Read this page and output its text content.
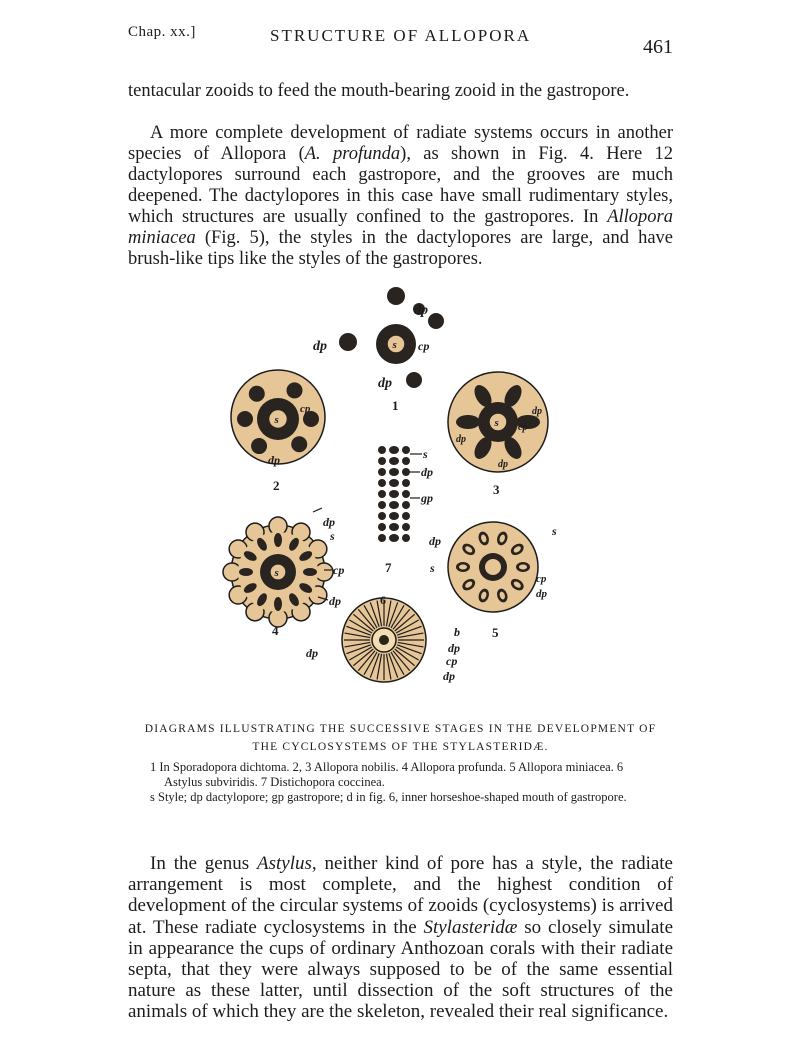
Chap. xx.]	STRUCTURE OF ALLOPORA
461

tentacular zooids to feed the mouth-bearing zooid in the gastropore.

A more complete development of radiate systems occurs in another species of Allopora (A. profunda), as shown in Fig. 4. Here 12 dactylopores surround each gastropore, and the grooves are much deepened. The dactylopores in this case have small rudimentary styles, which structures are usually confined to the gastropores. In Allopora miniacea (Fig. 5), the styles in the dactylopores are large, and have brush-like tips like the styles of the gastropores.

s
dp
dp	cp
dp
1
s
dp
cp
2
s
dp
cp
dp
dp
3
s
dp
gp
7
s
dp
s
cp
dp
4
dp
s
s
cp
dp
5
6
b
dp	dp
cp
dp
DIAGRAMS ILLUSTRATING THE SUCCESSIVE STAGES IN THE DEVELOPMENT OF
THE CYCLOSYSTEMS OF THE STYLASTERIDÆ.
1 In Sporadopora dichtoma. 2, 3 Allopora nobilis. 4 Allopora profunda. 5 Allopora miniacea. 6 Astylus subviridis. 7 Distichopora coccinea.
s Style; dp dactylopore; gp gastropore; d in fig. 6, inner horseshoe-shaped mouth of gastropore.

In the genus Astylus, neither kind of pore has a style, the radiate arrangement is most complete, and the highest condition of development of the circular systems of zooids (cyclosystems) is arrived at. These radiate cyclosystems in the Stylasteridæ so closely simulate in appearance the cups of ordinary Anthozoan corals with their radiate septa, that they were always supposed to be of the same essential nature as these latter, until dissection of the soft structures of the animals of which they are the skeleton, revealed their real significance.
